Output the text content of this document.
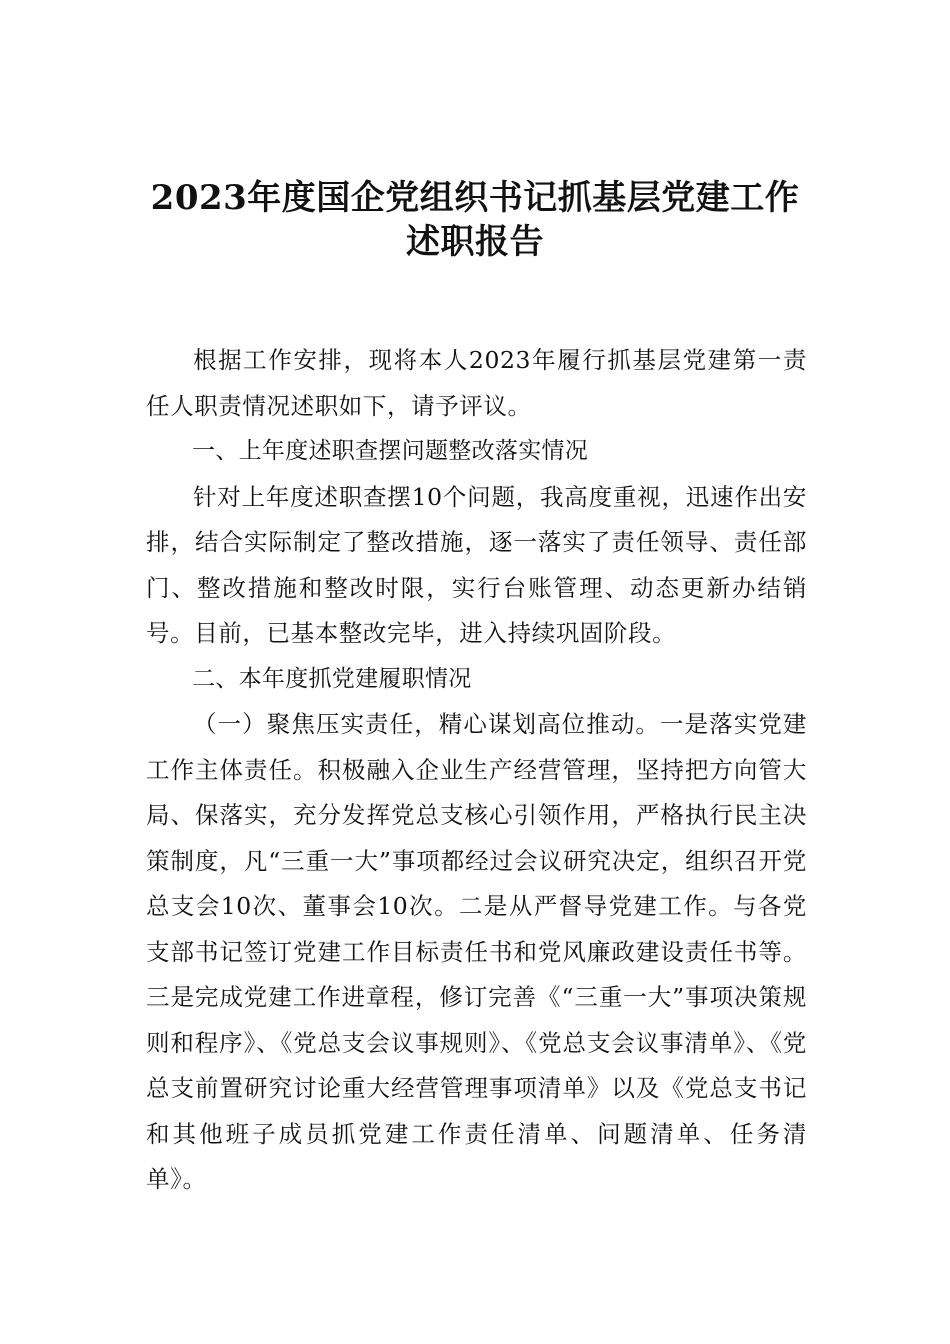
2023年度国企党组织书记抓基层党建工作
述职报告

根据工作安排，现将本人2023年履行抓基层党建第一责任人职责情况述职如下，请予评议。

一、上年度述职查摆问题整改落实情况

针对上年度述职查摆10个问题，我高度重视，迅速作出安排，结合实际制定了整改措施，逐一落实了责任领导、责任部门、整改措施和整改时限，实行台账管理、动态更新办结销号。目前，已基本整改完毕，进入持续巩固阶段。

二、本年度抓党建履职情况

（一）聚焦压实责任，精心谋划高位推动。一是落实党建工作主体责任。积极融入企业生产经营管理，坚持把方向管大局、保落实，充分发挥党总支核心引领作用，严格执行民主决策制度，凡“三重一大”事项都经过会议研究决定，组织召开党总支会10次、董事会10次。二是从严督导党建工作。与各党支部书记签订党建工作目标责任书和党风廉政建设责任书等。三是完成党建工作进章程，修订完善《“三重一大”事项决策规则和程序》、《党总支会议事规则》、《党总支会议事清单》、《党总支前置研究讨论重大经营管理事项清单》以及《党总支书记和其他班子成员抓党建工作责任清单、问题清单、任务清单》。
